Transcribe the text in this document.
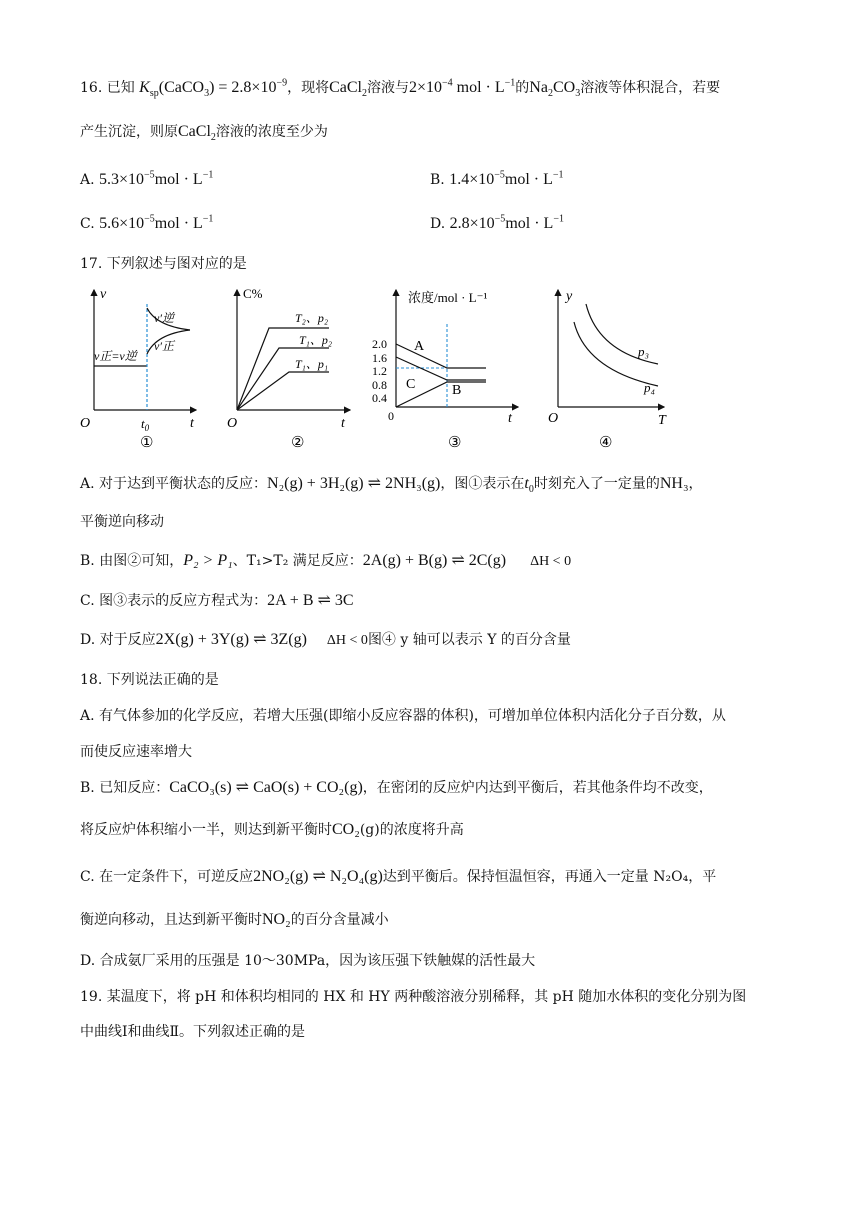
16. 已知 $K_{sp}(CaCO_3) = 2.8\times 10^{-9}$，现将CaCl$_2$溶液与$2\times 10^{-4}$ mol · $L^{-1}$的$Na_2CO_3$溶液等体积混合，若要
产生沉淀，则原CaCl$_2$溶液的浓度至少为
A. $5.3\times 10^{-5}mol \cdot L^{-1}$	B. $1.4\times 10^{-5}mol \cdot L^{-1}$
C. $5.6\times 10^{-5}mol \cdot L^{-1}$	D. $2.8\times 10^{-5}mol \cdot L^{-1}$
17. 下列叙述与图对应的是
v
t
O
v正=v逆
v′逆
v′正
$t_0$
①
C%
t
O
T₂、p₂
T₁、p₂
T₁、p₁
②
浓度/mol · L⁻¹
t
0
2.0
1.6
1.2
0.8
0.4
A
B
C
③
y
T
O
p₃
p₄
④
A. 对于达到平衡状态的反应：N₂(g) + 3H₂(g) ⇌ 2NH₃(g)，图①表示在$t_0$时刻充入了一定量的NH₃，
平衡逆向移动
B. 由图②可知，P₂ > P₁、T₁>T₂ 满足反应：2A(g) + B(g) ⇌ 2C(g) ΔH < 0
C. 图③表示的反应方程式为：2A + B ⇌ 3C
D. 对于反应2X(g) + 3Y(g) ⇌ 3Z(g) ΔH < 0图④ y 轴可以表示 Y 的百分含量
18. 下列说法正确的是
A. 有气体参加的化学反应，若增大压强(即缩小反应容器的体积)，可增加单位体积内活化分子百分数，从
而使反应速率增大
B. 已知反应：CaCO₃(s) ⇌ CaO(s) + CO₂(g)，在密闭的反应炉内达到平衡后，若其他条件均不改变，
将反应炉体积缩小一半，则达到新平衡时CO₂(g)的浓度将升高
C. 在一定条件下，可逆反应2NO₂(g) ⇌ N₂O₄(g)达到平衡后。保持恒温恒容，再通入一定量 N₂O₄，平
衡逆向移动，且达到新平衡时NO₂的百分含量减小
D. 合成氨厂采用的压强是 10～30MPa，因为该压强下铁触媒的活性最大
19. 某温度下，将 pH 和体积均相同的 HX 和 HY 两种酸溶液分别稀释，其 pH 随加水体积的变化分别为图
中曲线Ⅰ和曲线Ⅱ。下列叙述正确的是
